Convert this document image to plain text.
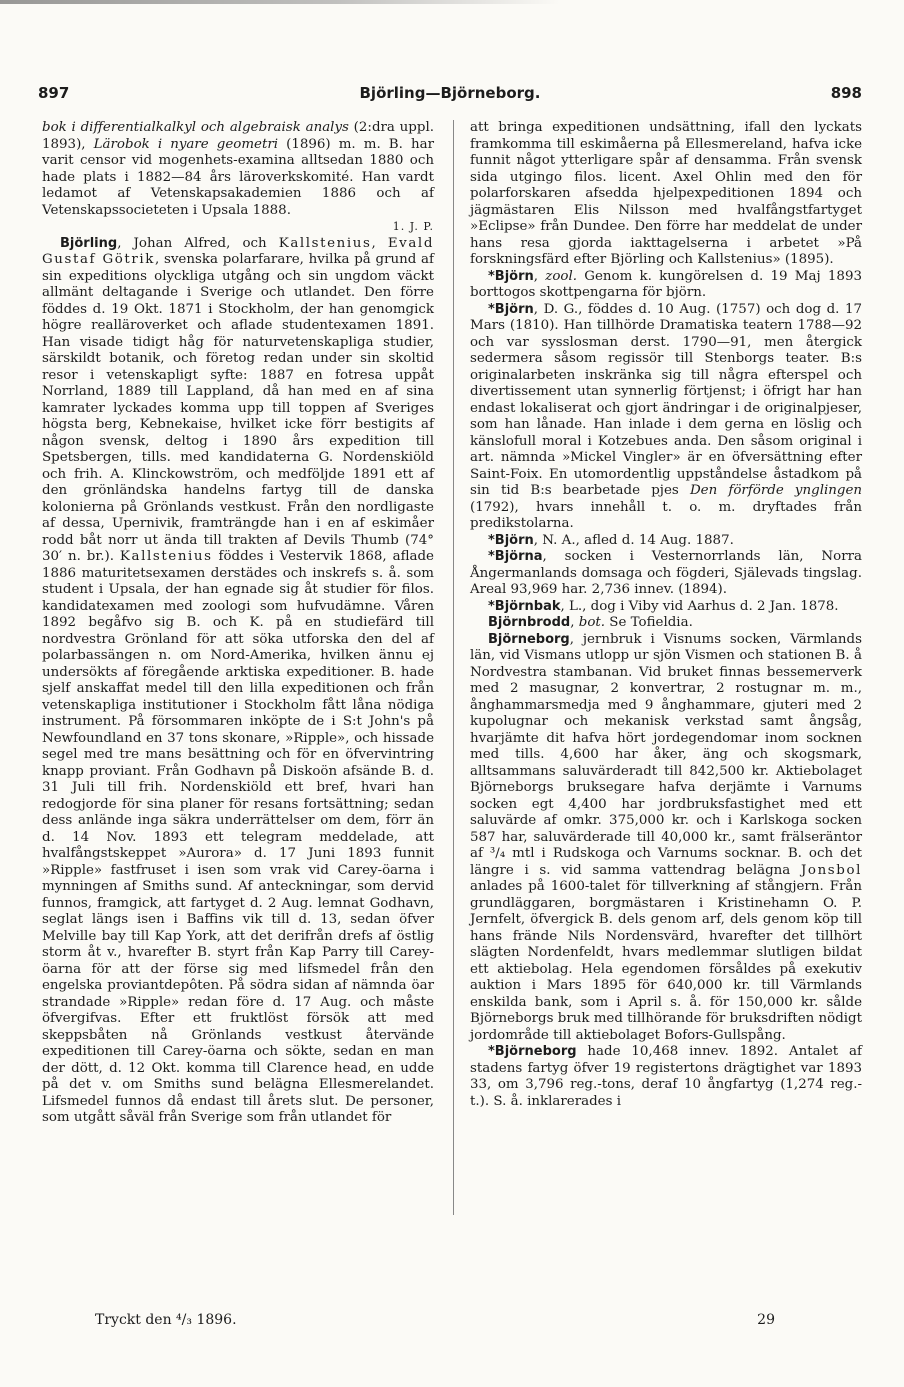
897	Björling—Björneborg.	898

bok i differentialkalkyl och algebraisk analys (2:dra uppl. 1893), Lärobok i nyare geometri (1896) m. m. B. har varit censor vid mogenhets-examina alltsedan 1880 och hade plats i 1882—84 års läroverkskomité. Han vardt ledamot af Vetenskapsakademien 1886 och af Vetenskapssocieteten i Upsala 1888.

1. J. P.

Björling, Johan Alfred, och Kallstenius, Evald Gustaf Götrik, svenska polarfarare, hvilka på grund af sin expeditions olyckliga utgång och sin ungdom väckt allmänt deltagande i Sverige och utlandet. Den förre föddes d. 19 Okt. 1871 i Stockholm, der han genomgick högre realläroverket och aflade studentexamen 1891. Han visade tidigt håg för naturvetenskapliga studier, särskildt botanik, och företog redan under sin skoltid resor i vetenskapligt syfte: 1887 en fotresa uppåt Norrland, 1889 till Lappland, då han med en af sina kamrater lyckades komma upp till toppen af Sveriges högsta berg, Kebnekaise, hvilket icke förr bestigits af någon svensk, deltog i 1890 års expedition till Spetsbergen, tills. med kandidaterna G. Nordenskiöld och frih. A. Klinckowström, och medföljde 1891 ett af den grönländska handelns fartyg till de danska kolonierna på Grönlands vestkust. Från den nordligaste af dessa, Upernivik, framträngde han i en af eskimåer rodd båt norr ut ända till trakten af Devils Thumb (74° 30′ n. br.). Kallstenius föddes i Vestervik 1868, aflade 1886 maturitetsexamen derstädes och inskrefs s. å. som student i Upsala, der han egnade sig åt studier för filos. kandidatexamen med zoologi som hufvudämne. Våren 1892 begåfvo sig B. och K. på en studiefärd till nordvestra Grönland för att söka utforska den del af polarbassängen n. om Nord-Amerika, hvilken ännu ej undersökts af föregående arktiska expeditioner. B. hade sjelf anskaffat medel till den lilla expeditionen och från vetenskapliga institutioner i Stockholm fått låna nödiga instrument. På försommaren inköpte de i S:t John's på Newfoundland en 37 tons skonare, »Ripple», och hissade segel med tre mans besättning och för en öfvervintring knapp proviant. Från Godhavn på Diskoön afsände B. d. 31 Juli till frih. Nordenskiöld ett bref, hvari han redogjorde för sina planer för resans fortsättning; sedan dess anlände inga säkra underrättelser om dem, förr än d. 14 Nov. 1893 ett telegram meddelade, att hvalfångstskeppet »Aurora» d. 17 Juni 1893 funnit »Ripple» fastfruset i isen som vrak vid Carey-öarna i mynningen af Smiths sund. Af anteckningar, som dervid funnos, framgick, att fartyget d. 2 Aug. lemnat Godhavn, seglat längs isen i Baffins vik till d. 13, sedan öfver Melville bay till Kap York, att det derifrån drefs af östlig storm åt v., hvarefter B. styrt från Kap Parry till Carey-öarna för att der förse sig med lifsmedel från den engelska proviantdepôten. På södra sidan af nämnda öar strandade »Ripple» redan före d. 17 Aug. och måste öfvergifvas. Efter ett fruktlöst försök att med skeppsbåten nå Grönlands vestkust återvände expeditionen till Carey-öarna och sökte, sedan en man der dött, d. 12 Okt. komma till Clarence head, en udde på det v. om Smiths sund belägna Ellesmerelandet. Lifsmedel funnos då endast till årets slut. De personer, som utgått såväl från Sverige som från utlandet för

att bringa expeditionen undsättning, ifall den lyckats framkomma till eskimåerna på Ellesmereland, hafva icke funnit något ytterligare spår af densamma. Från svensk sida utgingo filos. licent. Axel Ohlin med den för polarforskaren afsedda hjelpexpeditionen 1894 och jägmästaren Elis Nilsson med hvalfångstfartyget »Eclipse» från Dundee. Den förre har meddelat de under hans resa gjorda iakttagelserna i arbetet »På forskningsfärd efter Björling och Kallstenius» (1895).

*Björn, zool. Genom k. kungörelsen d. 19 Maj 1893 borttogos skottpengarna för björn.

*Björn, D. G., föddes d. 10 Aug. (1757) och dog d. 17 Mars (1810). Han tillhörde Dramatiska teatern 1788—92 och var sysslosman derst. 1790—91, men återgick sedermera såsom regissör till Stenborgs teater. B:s originalarbeten inskränka sig till några efterspel och divertissement utan synnerlig förtjenst; i öfrigt har han endast lokaliserat och gjort ändringar i de originalpjeser, som han lånade. Han inlade i dem gerna en löslig och känslofull moral i Kotzebues anda. Den såsom original i art. nämnda »Mickel Vingler» är en öfversättning efter Saint-Foix. En utomordentlig uppståndelse åstadkom på sin tid B:s bearbetade pjes Den förförde ynglingen (1792), hvars innehåll t. o. m. dryftades från predikstolarna.

*Björn, N. A., afled d. 14 Aug. 1887.

*Björna, socken i Vesternorrlands län, Norra Ångermanlands domsaga och fögderi, Själevads tingslag. Areal 93,969 har. 2,736 innev. (1894).

*Björnbak, L., dog i Viby vid Aarhus d. 2 Jan. 1878.

Björnbrodd, bot. Se Tofieldia.

Björneborg, jernbruk i Visnums socken, Värmlands län, vid Vismans utlopp ur sjön Vismen och stationen B. å Nordvestra stambanan. Vid bruket finnas bessemerverk med 2 masugnar, 2 konvertrar, 2 rostugnar m. m., ånghammarsmedja med 9 ånghammare, gjuteri med 2 kupolugnar och mekanisk verkstad samt ångsåg, hvarjämte dit hafva hört jordegendomar inom socknen med tills. 4,600 har åker, äng och skogsmark, alltsammans saluvärderadt till 842,500 kr. Aktiebolaget Björneborgs bruksegare hafva derjämte i Varnums socken egt 4,400 har jordbruksfastighet med ett saluvärde af omkr. 375,000 kr. och i Karlskoga socken 587 har, saluvärderade till 40,000 kr., samt frälseräntor af ³/₄ mtl i Rudskoga och Varnums socknar. B. och det längre i s. vid samma vattendrag belägna Jonsbol anlades på 1600-talet för tillverkning af stångjern. Från grundläggaren, borgmästaren i Kristinehamn O. P. Jernfelt, öfvergick B. dels genom arf, dels genom köp till hans frände Nils Nordensvärd, hvarefter det tillhört slägten Nordenfeldt, hvars medlemmar slutligen bildat ett aktiebolag. Hela egendomen försåldes på exekutiv auktion i Mars 1895 för 640,000 kr. till Värmlands enskilda bank, som i April s. å. för 150,000 kr. sålde Björneborgs bruk med tillhörande för bruksdriften nödigt jordområde till aktiebolaget Bofors-Gullspång.

*Björneborg hade 10,468 innev. 1892. Antalet af stadens fartyg öfver 19 registertons drägtighet var 1893 33, om 3,796 reg.-tons, deraf 10 ångfartyg (1,274 reg.-t.). S. å. inklarerades i

Tryckt den ⁴/₃ 1896.	29
